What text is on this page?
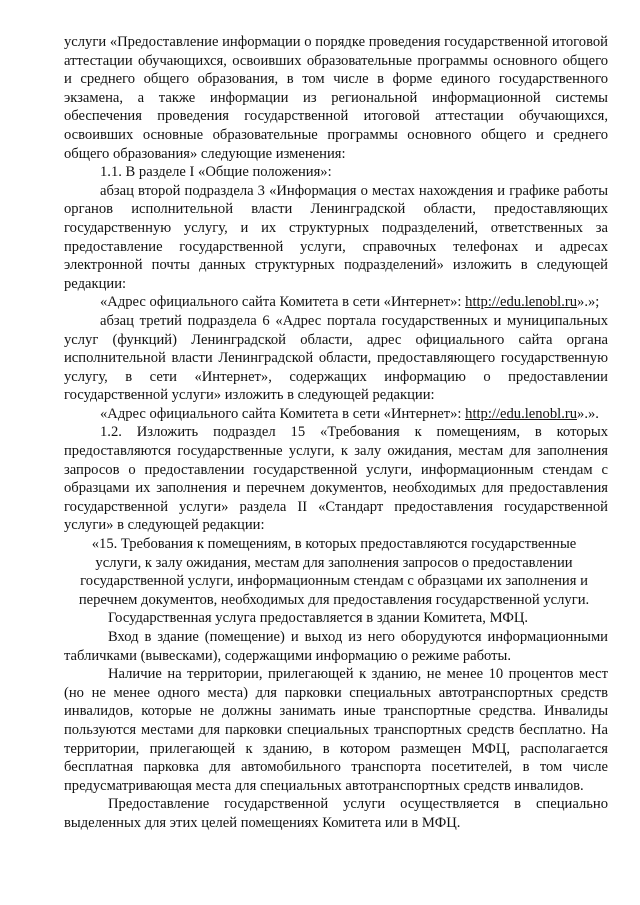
услуги «Предоставление информации о порядке проведения государственной итоговой аттестации обучающихся, освоивших образовательные программы основного общего и среднего общего образования, в том числе в форме единого государственного экзамена, а также информации из региональной информационной системы обеспечения проведения государственной итоговой аттестации обучающихся, освоивших основные образовательные программы основного общего и среднего общего образования» следующие изменения:

1.1. В разделе I «Общие положения»:

абзац второй подраздела 3 «Информация о местах нахождения и графике работы органов исполнительной власти Ленинградской области, предоставляющих государственную услугу, и их структурных подразделений, ответственных за предоставление государственной услуги, справочных телефонах и адресах электронной почты данных структурных подразделений» изложить в следующей редакции:

«Адрес официального сайта Комитета в сети «Интернет»: http://edu.lenobl.ru».»;

абзац третий подраздела 6 «Адрес портала государственных и муниципальных услуг (функций) Ленинградской области, адрес официального сайта органа исполнительной власти Ленинградской области, предоставляющего государственную услугу, в сети «Интернет», содержащих информацию о предоставлении государственной услуги» изложить в следующей редакции:

«Адрес официального сайта Комитета в сети «Интернет»: http://edu.lenobl.ru».».

1.2. Изложить подраздел 15 «Требования к помещениям, в которых предоставляются государственные услуги, к залу ожидания, местам для заполнения запросов о предоставлении государственной услуги, информационным стендам с образцами их заполнения и перечнем документов, необходимых для предоставления государственной услуги» раздела II «Стандарт предоставления государственной услуги» в следующей редакции:

«15. Требования к помещениям, в которых предоставляются государственные услуги, к залу ожидания, местам для заполнения запросов о предоставлении государственной услуги, информационным стендам с образцами их заполнения и перечнем документов, необходимых для предоставления государственной услуги.

Государственная услуга предоставляется в здании Комитета, МФЦ.

Вход в здание (помещение) и выход из него оборудуются информационными табличками (вывесками), содержащими информацию о режиме работы.

Наличие на территории, прилегающей к зданию, не менее 10 процентов мест (но не менее одного места) для парковки специальных автотранспортных средств инвалидов, которые не должны занимать иные транспортные средства. Инвалиды пользуются местами для парковки специальных транспортных средств бесплатно. На территории, прилегающей к зданию, в котором размещен МФЦ, располагается бесплатная парковка для автомобильного транспорта посетителей, в том числе предусматривающая места для специальных автотранспортных средств инвалидов.

Предоставление государственной услуги осуществляется в специально выделенных для этих целей помещениях Комитета или в МФЦ.
